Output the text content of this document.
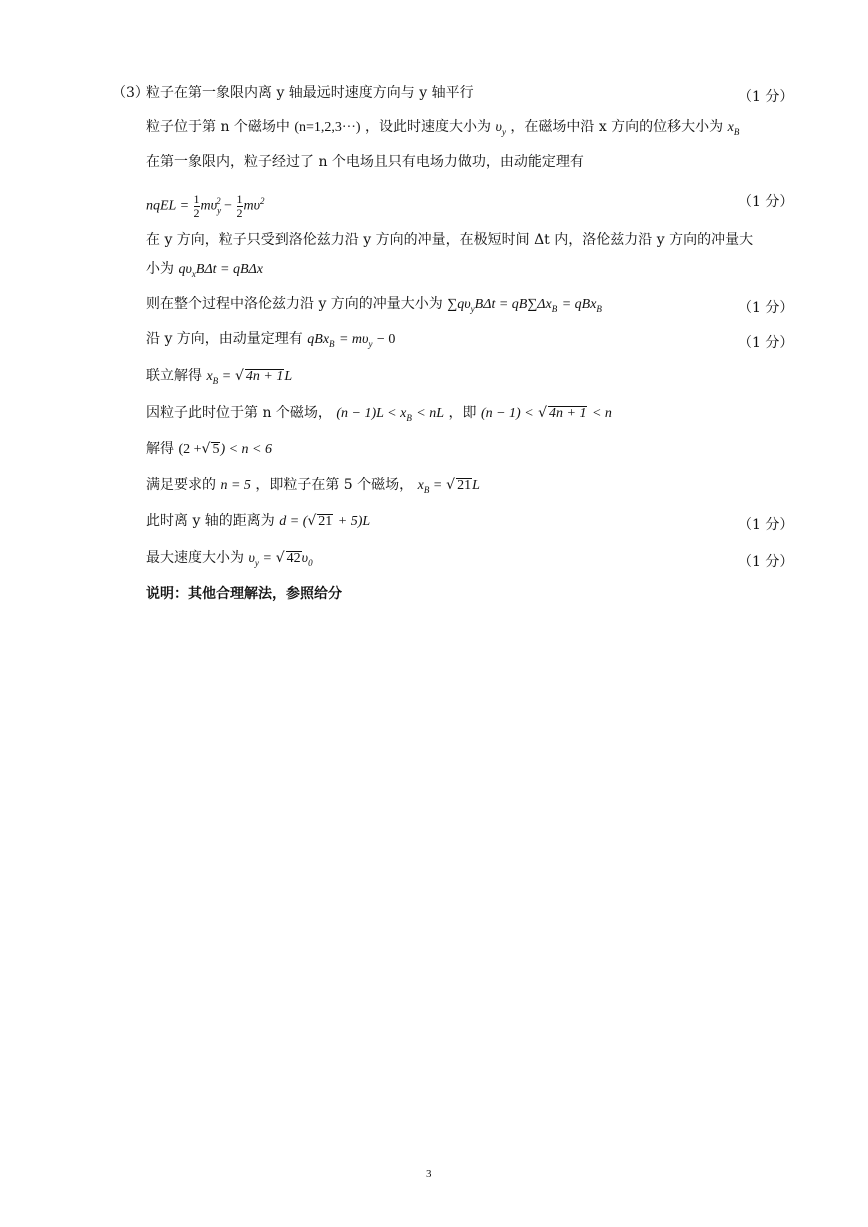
（3）
粒子在第一象限内离 y 轴最远时速度方向与 y 轴平行	（1 分）
粒子位于第 n 个磁场中 (n=1,2,3···) ，设此时速度大小为 $\upsilon_y$ ，在磁场中沿 x 方向的位移大小为 $x_B$
在第一象限内，粒子经过了 n 个电场且只有电场力做功，由动能定理有
nqEL = $\frac{1}{2} m\upsilon_y^2 - \frac{1}{2} m\upsilon^2$	（1 分）
在 y 方向，粒子只受到洛伦兹力沿 y 方向的冲量，在极短时间 Δt 内，洛伦兹力沿 y 方向的冲量大
小为 $q\upsilon_xB\Delta t = qB\Delta x$
则在整个过程中洛伦兹力沿 y 方向的冲量大小为 $\sum q\upsilon_yB\Delta t = qB\sum\Delta x_B = qBx_B$	（1 分）
沿 y 方向，由动量定理有 $qBx_B = m\upsilon_y - 0$	（1 分）
联立解得 $x_B$ = √ 4n + 1L
因粒子此时位于第 n 个磁场， $(n - 1)L < x_B$ < nL ，即 (n − 1) < √ 4n + 1 < n
解得 (2 +√ 5) < n < 6
满足要求的 n = 5 ，即粒子在第 5 个磁场， $x_B$ = √ 21L
此时离 y 轴的距离为 d = (√ 21 + 5)L	（1 分）
最大速度大小为 $\upsilon_y$ = √ $42\upsilon_0$	（1 分）
说明：其他合理解法，参照给分
3
